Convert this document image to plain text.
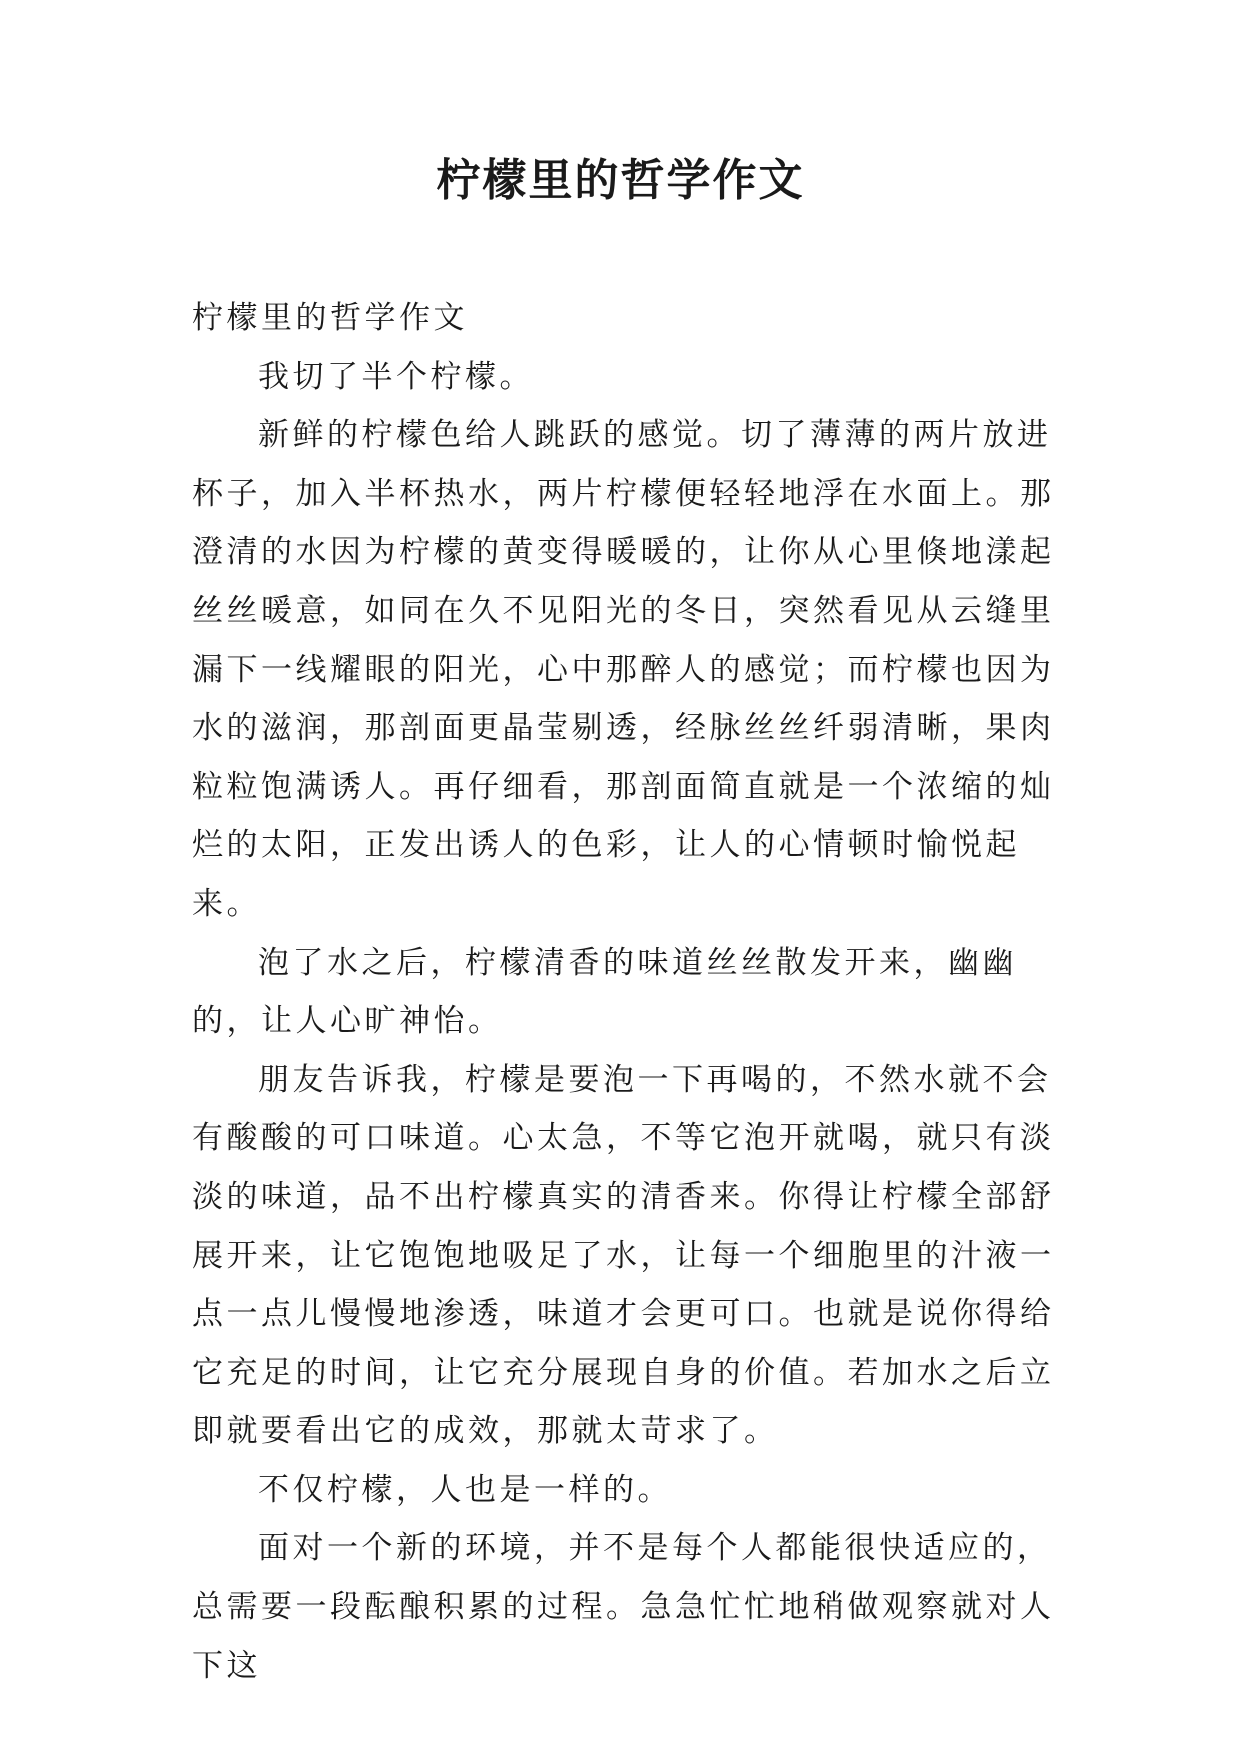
柠檬里的哲学作文

柠檬里的哲学作文

我切了半个柠檬。

新鲜的柠檬色给人跳跃的感觉。切了薄薄的两片放进杯子，加入半杯热水，两片柠檬便轻轻地浮在水面上。那澄清的水因为柠檬的黄变得暖暖的，让你从心里倏地漾起丝丝暖意，如同在久不见阳光的冬日，突然看见从云缝里漏下一线耀眼的阳光，心中那醉人的感觉；而柠檬也因为水的滋润，那剖面更晶莹剔透，经脉丝丝纤弱清晰，果肉粒粒饱满诱人。再仔细看，那剖面简直就是一个浓缩的灿烂的太阳，正发出诱人的色彩，让人的心情顿时愉悦起来。

泡了水之后，柠檬清香的味道丝丝散发开来，幽幽的，让人心旷神怡。

朋友告诉我，柠檬是要泡一下再喝的，不然水就不会有酸酸的可口味道。心太急，不等它泡开就喝，就只有淡淡的味道，品不出柠檬真实的清香来。你得让柠檬全部舒展开来，让它饱饱地吸足了水，让每一个细胞里的汁液一点一点儿慢慢地渗透，味道才会更可口。也就是说你得给它充足的时间，让它充分展现自身的价值。若加水之后立即就要看出它的成效，那就太苛求了。

不仅柠檬，人也是一样的。

面对一个新的环境，并不是每个人都能很快适应的，总需要一段酝酿积累的过程。急急忙忙地稍做观察就对人下这
